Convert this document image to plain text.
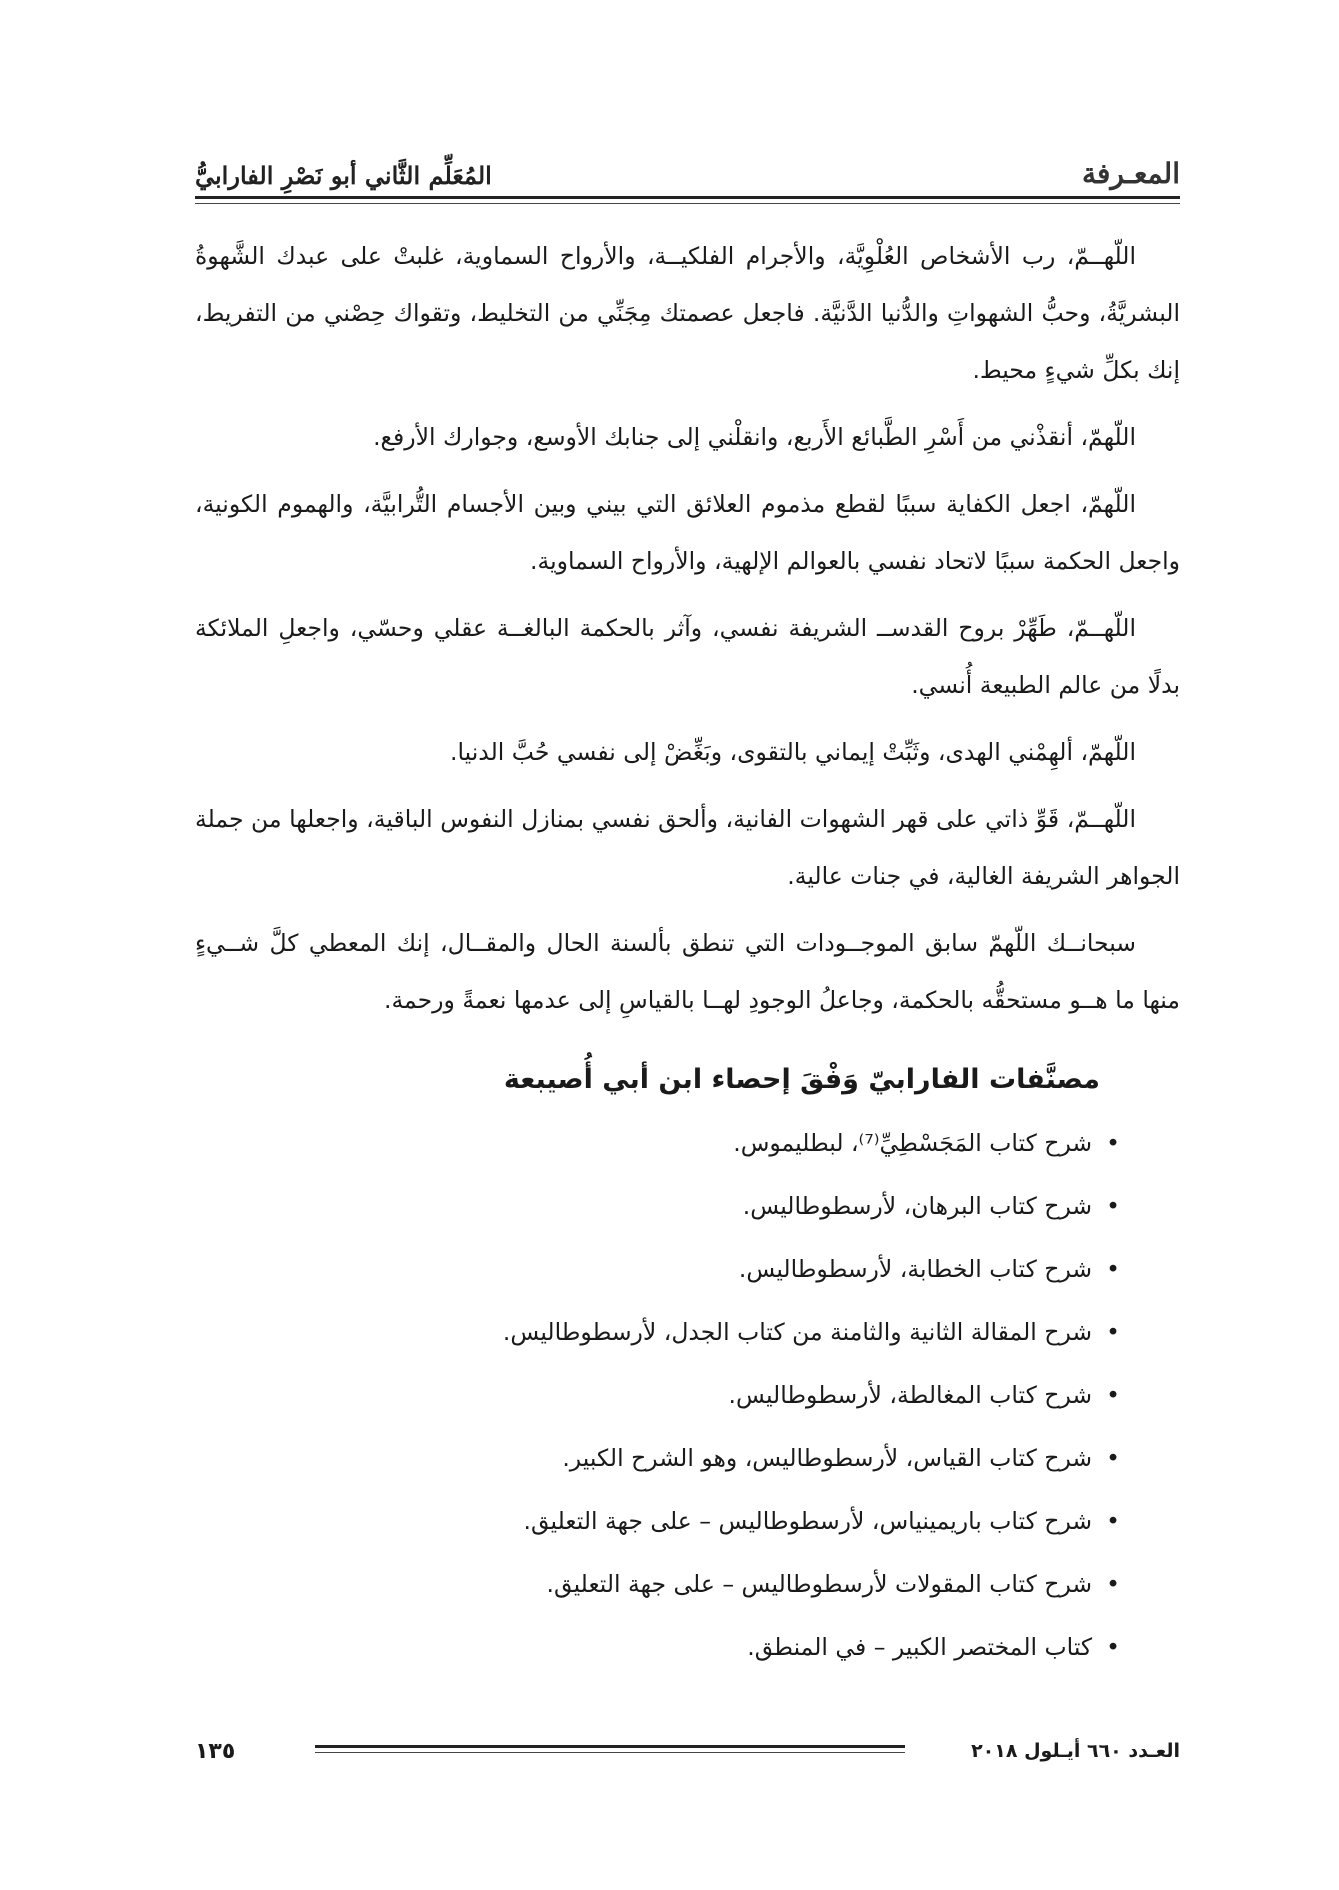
المعـرفة
المُعَلِّم الثَّاني أبو نَصْرِ الفارابيُّ

اللّهــمّ، رب الأشخاص العُلْوِيَّة، والأجرام الفلكيــة، والأرواح السماوية، غلبتْ على عبدك الشَّهوةُ البشريَّةُ، وحبُّ الشهواتِ والدُّنيا الدَّنيَّة. فاجعل عصمتك مِجَنِّي من التخليط، وتقواك حِصْني من التفريط، إنك بكلِّ شيءٍ محيط.

اللّهمّ، أنقذْني من أَسْرِ الطَّبائع الأَربع، وانقلْني إلى جنابك الأوسع، وجوارك الأرفع.

اللّهمّ، اجعل الكفاية سببًا لقطع مذموم العلائق التي بيني وبين الأجسام التُّرابيَّة، والهموم الكونية، واجعل الحكمة سببًا لاتحاد نفسي بالعوالم الإلهية، والأرواح السماوية.

اللّهــمّ، طَهِّرْ بروح القدســ الشريفة نفسي، وآثر بالحكمة البالغــة عقلي وحسّي، واجعلِ الملائكة بدلًا من عالم الطبيعة أُنسي.

اللّهمّ، ألهِمْني الهدى، وثَبِّتْ إيماني بالتقوى، وبَغِّضْ إلى نفسي حُبَّ الدنيا.

اللّهــمّ، قَوِّ ذاتي على قهر الشهوات الفانية، وألحق نفسي بمنازل النفوس الباقية، واجعلها من جملة الجواهر الشريفة الغالية، في جنات عالية.

سبحانــك اللّهمّ سابق الموجــودات التي تنطق بألسنة الحال والمقــال، إنك المعطي كلَّ شــيءٍ منها ما هــو مستحقُّه بالحكمة، وجاعلُ الوجودِ لهــا بالقياسِ إلى عدمها نعمةً ورحمة.

مصنَّفات الفارابيّ وَفْقَ إحصاء ابن أبي أُصيبعة

• شرح كتاب المَجَسْطِيِّ⁽⁷⁾، لبطليموس.
• شرح كتاب البرهان، لأرسطوطاليس.
• شرح كتاب الخطابة، لأرسطوطاليس.
• شرح المقالة الثانية والثامنة من كتاب الجدل، لأرسطوطاليس.
• شرح كتاب المغالطة، لأرسطوطاليس.
• شرح كتاب القياس، لأرسطوطاليس، وهو الشرح الكبير.
• شرح كتاب باريمينياس، لأرسطوطاليس – على جهة التعليق.
• شرح كتاب المقولات لأرسطوطاليس – على جهة التعليق.
• كتاب المختصر الكبير – في المنطق.
العـدد ٦٦٠ أيـلول ٢٠١٨
١٣٥
